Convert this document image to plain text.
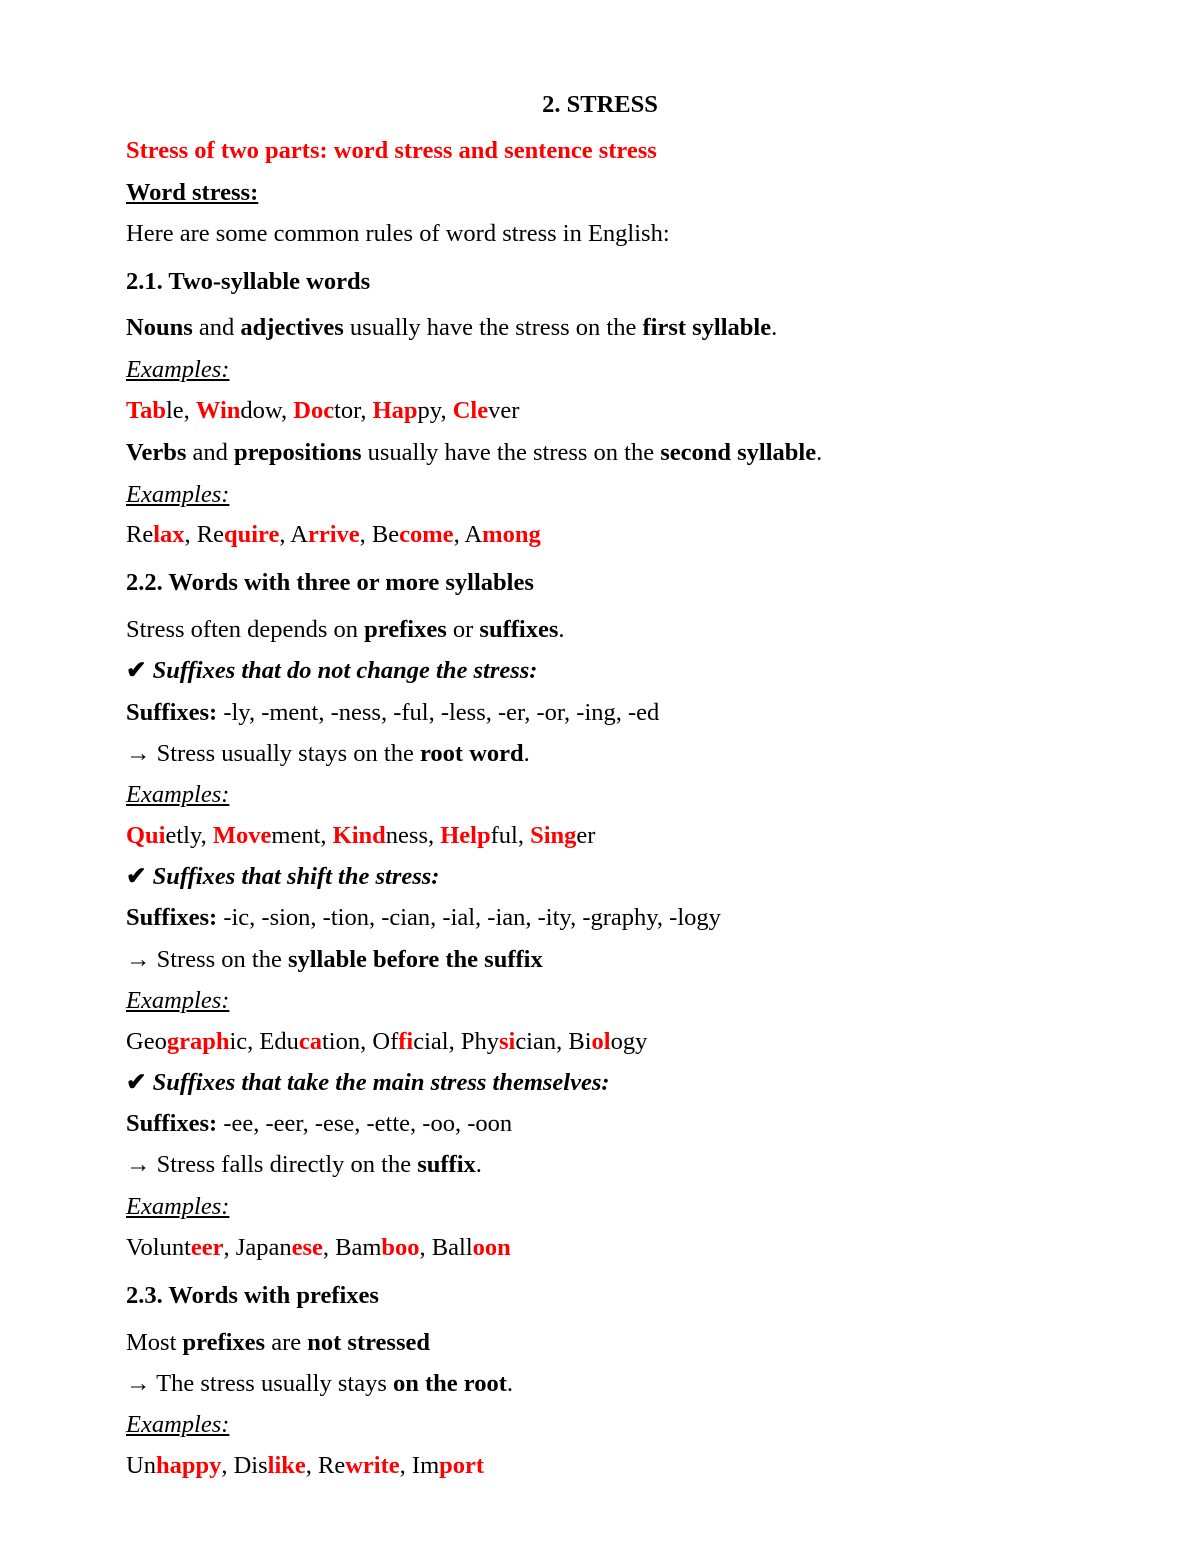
2. STRESS
Stress of two parts: word stress and sentence stress
Word stress:
Here are some common rules of word stress in English:
2.1. Two-syllable words
Nouns and adjectives usually have the stress on the first syllable.
Examples:
Table, Window, Doctor, Happy, Clever
Verbs and prepositions usually have the stress on the second syllable.
Examples:
Relax, Require, Arrive, Become, Among
2.2. Words with three or more syllables
Stress often depends on prefixes or suffixes.
✔ Suffixes that do not change the stress:
Suffixes: -ly, -ment, -ness, -ful, -less, -er, -or, -ing, -ed
→ Stress usually stays on the root word.
Examples:
Quietly, Movement, Kindness, Helpful, Singer
✔ Suffixes that shift the stress:
Suffixes: -ic, -sion, -tion, -cian, -ial, -ian, -ity, -graphy, -logy
→ Stress on the syllable before the suffix
Examples:
Geographic, Education, Official, Physician, Biology
✔ Suffixes that take the main stress themselves:
Suffixes: -ee, -eer, -ese, -ette, -oo, -oon
→ Stress falls directly on the suffix.
Examples:
Volunteer, Japanese, Bamboo, Balloon
2.3. Words with prefixes
Most prefixes are not stressed
→ The stress usually stays on the root.
Examples:
Unhappy, Dislike, Rewrite, Import
